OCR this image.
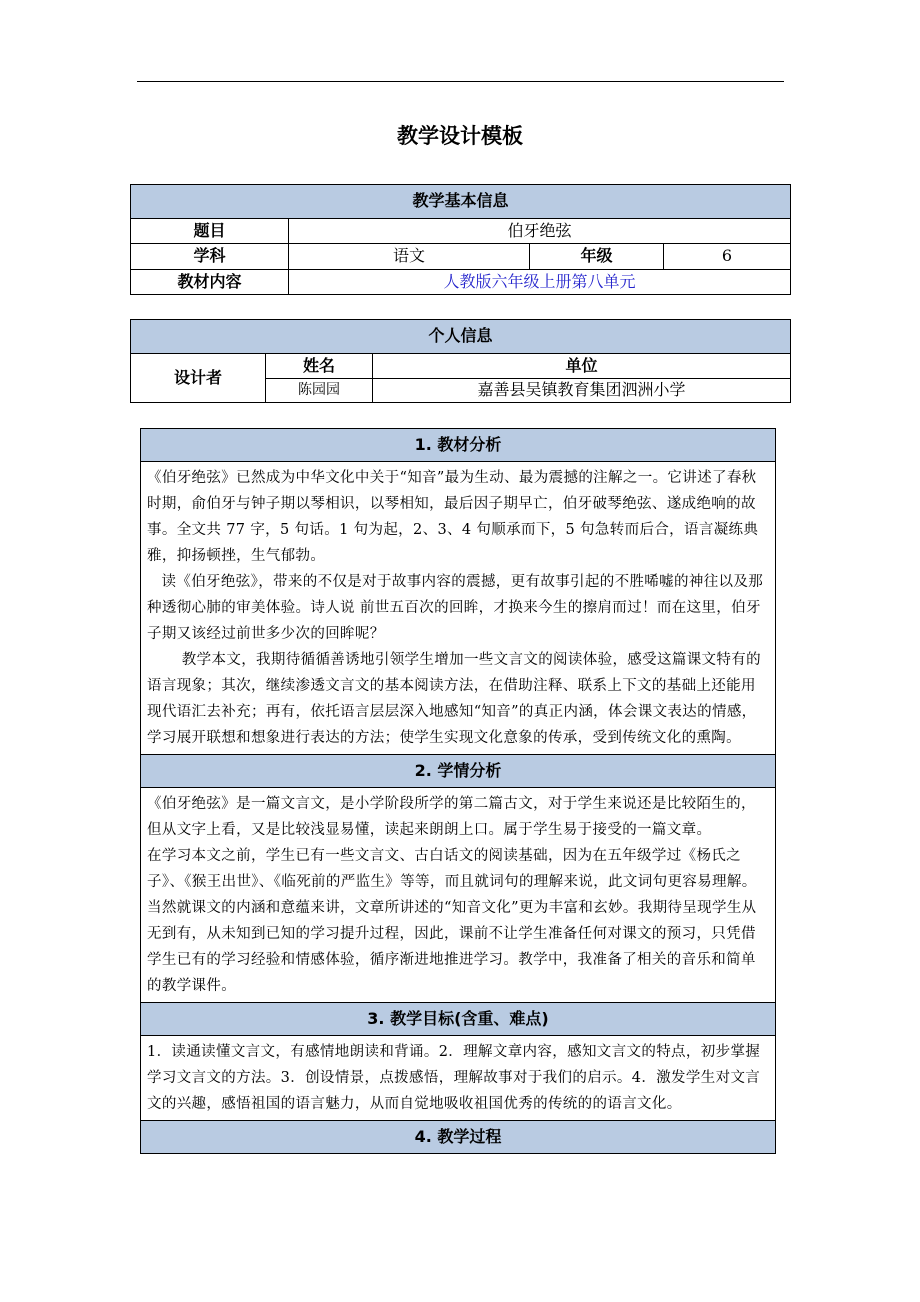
教学设计模板
教学基本信息			
题目	伯牙绝弦		
学科	语文	年级	6
教材内容	人教版六年级上册第八单元		
个人信息		
设计者	姓名	单位
	陈园园	嘉善县吴镇教育集团泗洲小学
1. 教材分析

《伯牙绝弦》已然成为中华文化中关于“知音”最为生动、最为震撼的注解之一。它讲述了春秋时期，俞伯牙与钟子期以琴相识，以琴相知，最后因子期早亡，伯牙破琴绝弦、遂成绝响的故事。全文共 77 字，5 句话。1 句为起，2、3、4 句顺承而下，5 句急转而后合，语言凝练典雅，抑扬顿挫，生气郁勃。

读《伯牙绝弦》，带来的不仅是对于故事内容的震撼，更有故事引起的不胜唏嘘的神往以及那种透彻心肺的审美体验。诗人说 前世五百次的回眸，才换来今生的擦肩而过！而在这里，伯牙子期又该经过前世多少次的回眸呢？

教学本文，我期待循循善诱地引领学生增加一些文言文的阅读体验，感受这篇课文特有的语言现象；其次，继续渗透文言文的基本阅读方法，在借助注释、联系上下文的基础上还能用现代语汇去补充；再有，依托语言层层深入地感知“知音”的真正内涵，体会课文表达的情感，学习展开联想和想象进行表达的方法；使学生实现文化意象的传承，受到传统文化的熏陶。

2. 学情分析

《伯牙绝弦》是一篇文言文，是小学阶段所学的第二篇古文，对于学生来说还是比较陌生的，但从文字上看，又是比较浅显易懂，读起来朗朗上口。属于学生易于接受的一篇文章。

在学习本文之前，学生已有一些文言文、古白话文的阅读基础，因为在五年级学过《杨氏之子》、《猴王出世》、《临死前的严监生》等等，而且就词句的理解来说，此文词句更容易理解。当然就课文的内涵和意蕴来讲，文章所讲述的“知音文化”更为丰富和玄妙。我期待呈现学生从无到有，从未知到已知的学习提升过程，因此，课前不让学生准备任何对课文的预习，只凭借学生已有的学习经验和情感体验，循序渐进地推进学习。教学中，我准备了相关的音乐和简单的教学课件。

3. 教学目标(含重、难点)

1．读通读懂文言文，有感情地朗读和背诵。2．理解文章内容，感知文言文的特点，初步掌握学习文言文的方法。3．创设情景，点拨感悟，理解故事对于我们的启示。4．激发学生对文言文的兴趣，感悟祖国的语言魅力，从而自觉地吸收祖国优秀的传统的的语言文化。

4. 教学过程
